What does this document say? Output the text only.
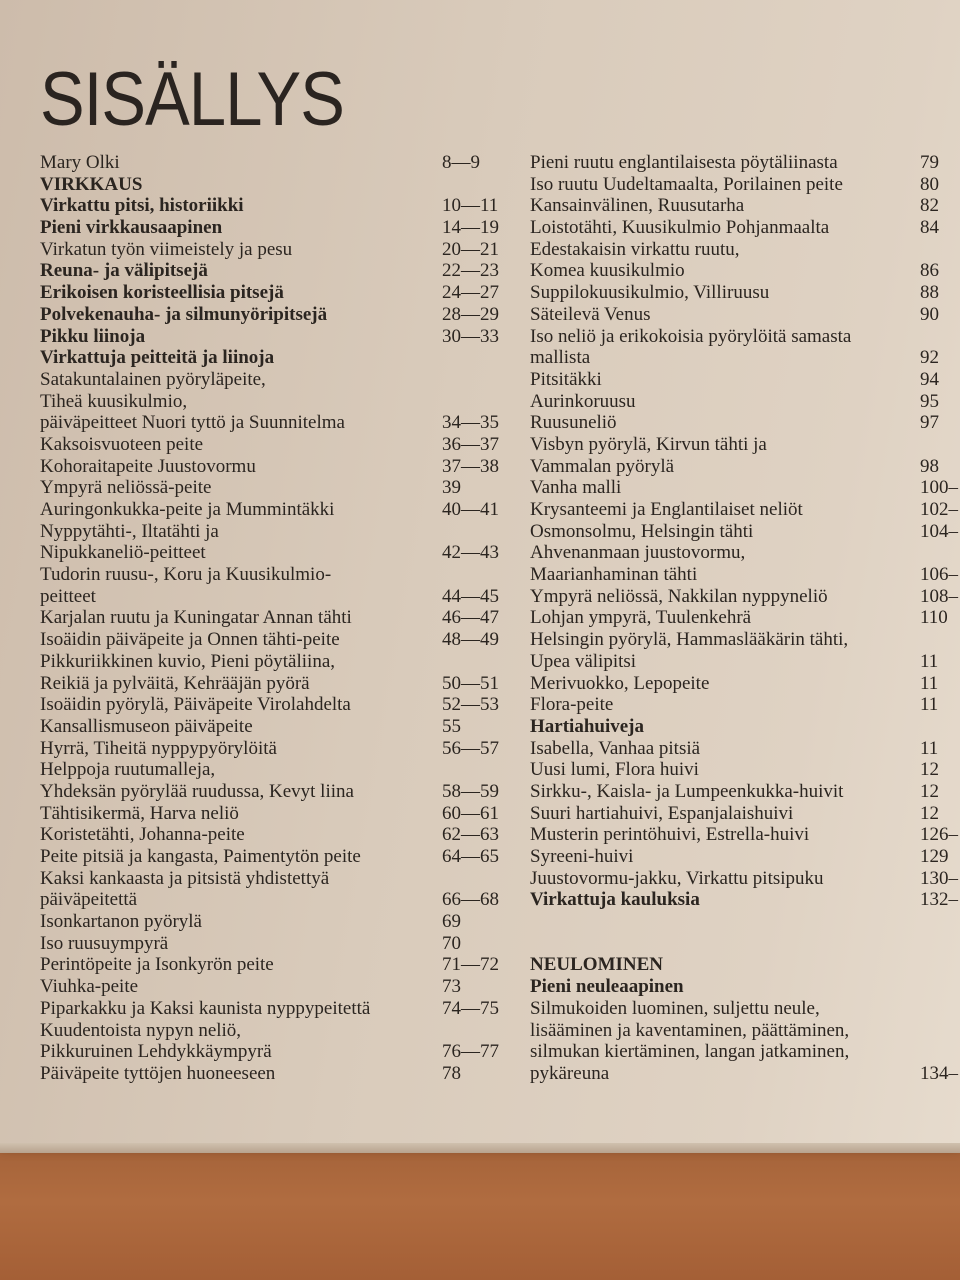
SISÄLLYS
Mary Olki	8—9
VIRKKAUS
Virkattu pitsi, historiikki	10—11
Pieni virkkausaapinen	14—19
Virkatun työn viimeistely ja pesu	20—21
Reuna- ja välipitsejä	22—23
Erikoisen koristeellisia pitsejä	24—27
Polvekenauha- ja silmunyöripitsejä	28—29
Pikku liinoja	30—33
Virkattuja peitteitä ja liinoja
Satakuntalainen pyöryläpeite,
Tiheä kuusikulmio,
päiväpeitteet Nuori tyttö ja Suunnitelma	34—35
Kaksoisvuoteen peite	36—37
Kohoraitapeite Juustovormu	37—38
Ympyrä neliössä-peite	39
Auringonkukka-peite ja Mummintäkki	40—41
Nyppytähti-, Iltatähti ja
Nipukkaneliö-peitteet	42—43
Tudorin ruusu-, Koru ja Kuusikulmio-
peitteet	44—45
Karjalan ruutu ja Kuningatar Annan tähti	46—47
Isoäidin päiväpeite ja Onnen tähti-peite	48—49
Pikkuriikkinen kuvio, Pieni pöytäliina,
Reikiä ja pylväitä, Kehrääjän pyörä	50—51
Isoäidin pyörylä, Päiväpeite Virolahdelta	52—53
Kansallismuseon päiväpeite	55
Hyrrä, Tiheitä nyppypyörylöitä	56—57
Helppoja ruutumalleja,
Yhdeksän pyörylää ruudussa, Kevyt liina	58—59
Tähtisikermä, Harva neliö	60—61
Koristetähti, Johanna-peite	62—63
Peite pitsiä ja kangasta, Paimentytön peite	64—65
Kaksi kankaasta ja pitsistä yhdistettyä
päiväpeitettä	66—68
Isonkartanon pyörylä	69
Iso ruusuympyrä	70
Perintöpeite ja Isonkyrön peite	71—72
Viuhka-peite	73
Piparkakku ja Kaksi kaunista nyppypeitettä	74—75
Kuudentoista nypyn neliö,
Pikkuruinen Lehdykkäympyrä	76—77
Päiväpeite tyttöjen huoneeseen	78
Pieni ruutu englantilaisesta pöytäliinasta	79
Iso ruutu Uudeltamaalta, Porilainen peite	80
Kansainvälinen, Ruusutarha	82
Loistotähti, Kuusikulmio Pohjanmaalta	84
Edestakaisin virkattu ruutu,
Komea kuusikulmio	86
Suppilokuusikulmio, Villiruusu	88
Säteilevä Venus	90
Iso neliö ja erikokoisia pyörylöitä samasta
mallista	92
Pitsitäkki	94
Aurinkoruusu	95
Ruusuneliö	97
Visbyn pyörylä, Kirvun tähti ja
Vammalan pyörylä	98
Vanha malli	100–
Krysanteemi ja Englantilaiset neliöt	102–
Osmonsolmu, Helsingin tähti	104–
Ahvenanmaan juustovormu,
Maarianhaminan tähti	106–
Ympyrä neliössä, Nakkilan nyppyneliö	108–
Lohjan ympyrä, Tuulenkehrä	110
Helsingin pyörylä, Hammaslääkärin tähti,
Upea välipitsi	11
Merivuokko, Lepopeite	11
Flora-peite	11
Hartiahuiveja
Isabella, Vanhaa pitsiä	11
Uusi lumi, Flora huivi	12
Sirkku-, Kaisla- ja Lumpeenkukka-huivit	12
Suuri hartiahuivi, Espanjalaishuivi	12
Musterin perintöhuivi, Estrella-huivi	126–
Syreeni-huivi	129
Juustovormu-jakku, Virkattu pitsipuku	130–
Virkattuja kauluksia	132–
NEULOMINEN
Pieni neuleaapinen
Silmukoiden luominen, suljettu neule,
lisääminen ja kaventaminen, päättäminen,
silmukan kiertäminen, langan jatkaminen,
pykäreuna	134–
